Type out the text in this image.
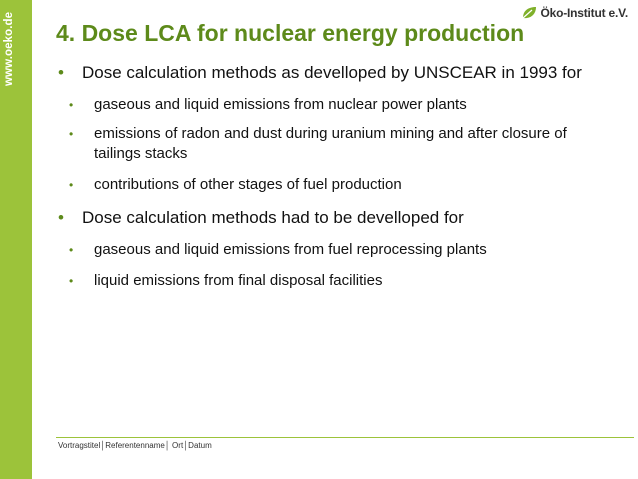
www.oeko.de	Öko-Institut e.V.
4. Dose LCA for nuclear energy production
• Dose calculation methods as develloped by UNSCEAR in 1993 for
• gaseous and liquid emissions from nuclear power plants
• emissions of radon and dust during uranium mining and after closure of tailings stacks
• contributions of other stages of fuel production
• Dose calculation methods had to be develloped for
• gaseous and liquid emissions from fuel reprocessing plants
• liquid emissions from final disposal facilities
Vortragstitel│Referentenname│ Ort│Datum
